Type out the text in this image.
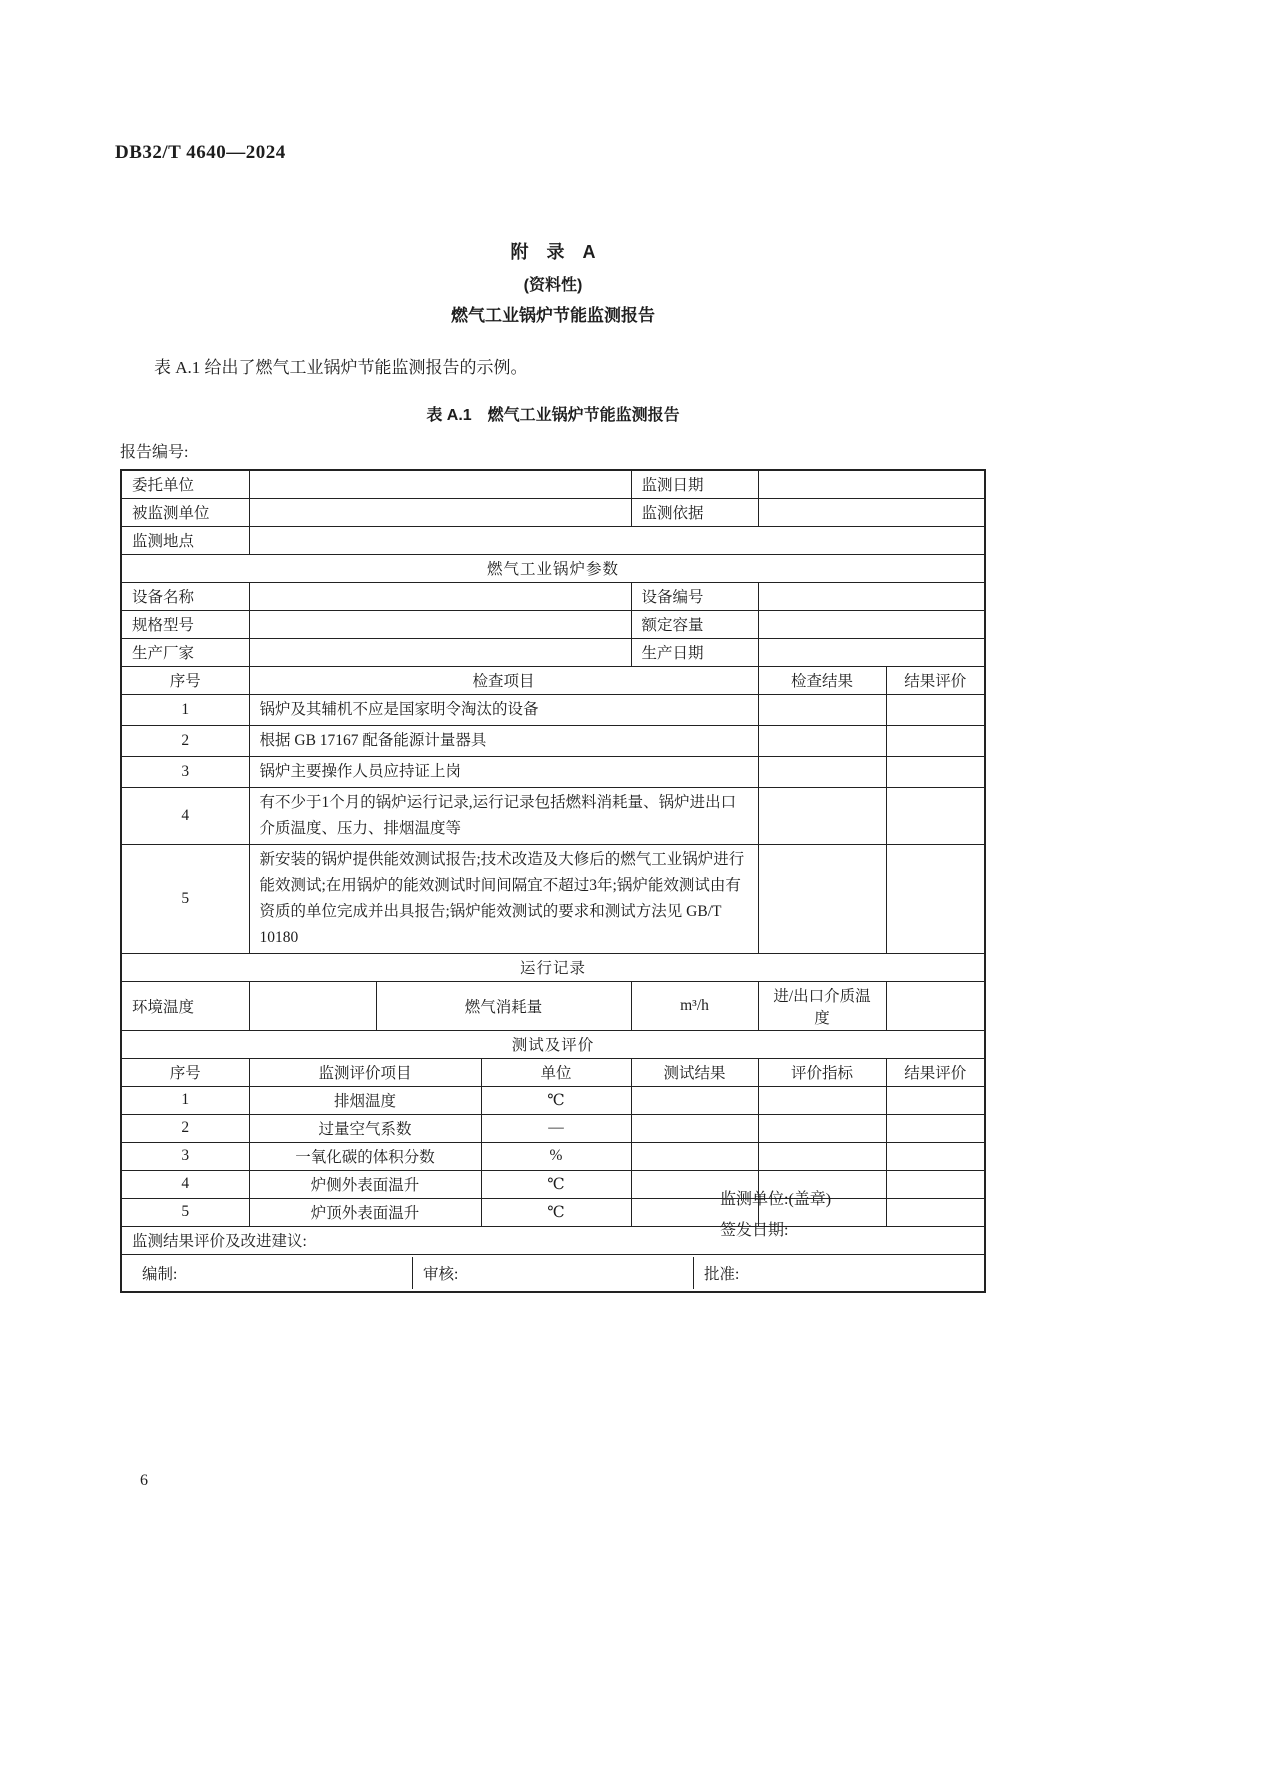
DB32/T 4640—2024
附　录　A
(资料性)
燃气工业锅炉节能监测报告

表 A.1 给出了燃气工业锅炉节能监测报告的示例。

表 A.1　燃气工业锅炉节能监测报告
报告编号:
委托单位				监测日期		
被监测单位				监测依据		
监测地点						
燃气工业锅炉参数						
设备名称				设备编号		
规格型号				额定容量		
生产厂家				生产日期		
序号	检查项目				检查结果	结果评价
1	锅炉及其辅机不应是国家明令淘汰的设备					
2	根据 GB 17167 配备能源计量器具					
3	锅炉主要操作人员应持证上岗					
4	有不少于1个月的锅炉运行记录,运行记录包括燃料消耗量、锅炉进出口介质温度、压力、排烟温度等					
5	新安装的锅炉提供能效测试报告;技术改造及大修后的燃气工业锅炉进行能效测试;在用锅炉的能效测试时间间隔宜不超过3年;锅炉能效测试由有资质的单位完成并出具报告;锅炉能效测试的要求和测试方法见 GB/T 10180					
运行记录						
环境温度		燃气消耗量		m³/h	进/出口介质温度	
测试及评价						
序号	监测评价项目		单位	测试结果	评价指标	结果评价
1	排烟温度		℃			
2	过量空气系数		—			
3	一氧化碳的体积分数		%			
4	炉侧外表面温升		℃			
5	炉顶外表面温升		℃			
监测结果评价及改进建议:
监测单位:(盖章)
签发日期:						

编制: 审核: 批准:						
6
